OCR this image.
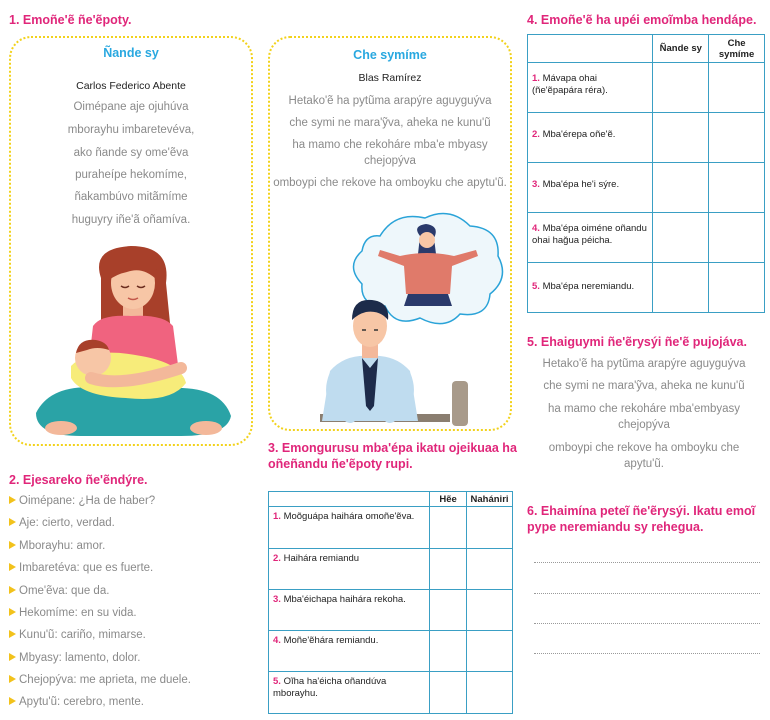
1. Emoñe'ẽ ñe'ẽpoty.
Ñande sy
Carlos Federico Abente
Oimépane aje ojuhúva
mborayhu imbaretevéva,
ako ñande sy ome'ẽva
puraheípe hekomíme,
ñakambúvo mitãmíme
huguyry iñe'ã oñamíva.
Che symíme
Blas Ramírez
Hetako'ẽ ha pytũma arapýre aguyguýva
che symi ne mara'ỹva, aheka ne kunu'ũ
ha mamo che rekoháre mba'e mbyasy
chejopýva
omboypi che rekove ha omboyku che apytu'ũ.
2. Ejesareko ñe'ẽndýre.
Oimépane: ¿Ha de haber?
Aje: cierto, verdad.
Mborayhu: amor.
Imbaretéva: que es fuerte.
Ome'ẽva: que da.
Hekomíme: en su vida.
Kunu'ũ: cariño, mimarse.
Mbyasy: lamento, dolor.
Chejopýva: me aprieta, me duele.
Apytu'ũ: cerebro, mente.
3. Emongurusu mba'épa ikatu ojeikuaa ha
oñeñandu ñe'ẽpoty rupi.
	Hẽe	Nahániri
1. Moõguápa haihára omoñe'ẽva.		
2. Haihára remiandu		
3. Mba'éichapa haihára rekoha.		
4. Moñe'ẽhára remiandu.		
5. Oĩha ha'éicha oñandúva mborayhu.		
4. Emoñe'ẽ ha upéi emoĩmba hendápe.
	Ñande sy	Che symíme
1. Mávapa ohai (ñe'ẽpapára réra).		
2. Mba'érepa oñe'ẽ.		
3. Mba'épa he'i sýre.		
4. Mba'épa oiméne oñandu ohai hağua péicha.		
5. Mba'épa neremiandu.		
5. Ehaiguymi ñe'ẽrysýi ñe'ẽ pujojáva.
Hetako'ẽ ha pytũma arapýre aguyguýva
che symi ne mara'ỹva, aheka ne kunu'ũ
ha mamo che rekoháre mba'embyasy
chejopýva
omboypi che rekove ha omboyku che
apytu'ũ.
6. Ehaimína peteĩ ñe'ẽrysýi. Ikatu emoĩ
pype neremiandu sy rehegua.
